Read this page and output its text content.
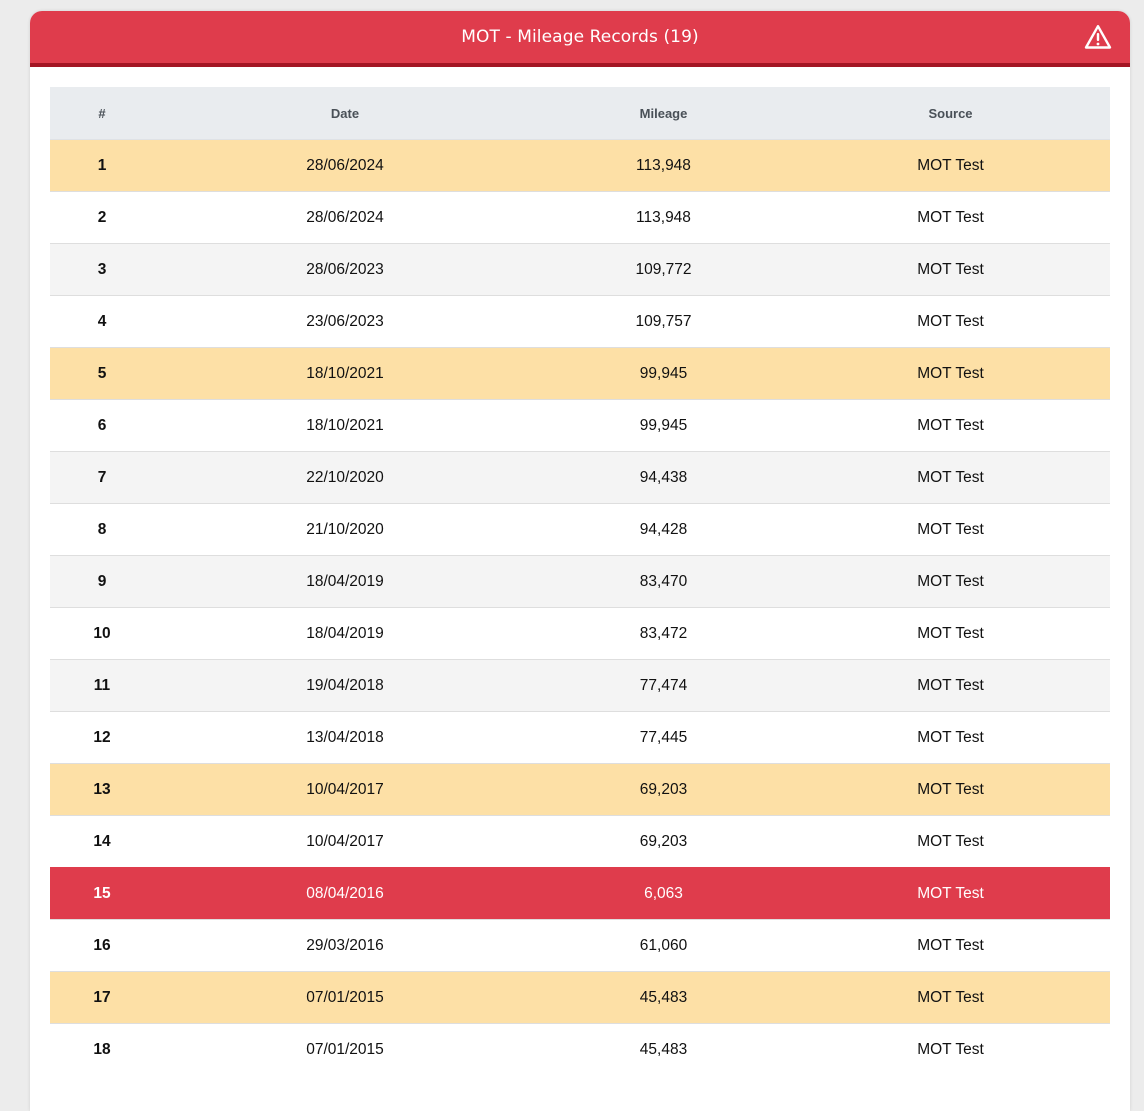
MOT - Mileage Records (19)
#	Date	Mileage	Source
1	28/06/2024	113,948	MOT Test
2	28/06/2024	113,948	MOT Test
3	28/06/2023	109,772	MOT Test
4	23/06/2023	109,757	MOT Test
5	18/10/2021	99,945	MOT Test
6	18/10/2021	99,945	MOT Test
7	22/10/2020	94,438	MOT Test
8	21/10/2020	94,428	MOT Test
9	18/04/2019	83,470	MOT Test
10	18/04/2019	83,472	MOT Test
11	19/04/2018	77,474	MOT Test
12	13/04/2018	77,445	MOT Test
13	10/04/2017	69,203	MOT Test
14	10/04/2017	69,203	MOT Test
15	08/04/2016	6,063	MOT Test
16	29/03/2016	61,060	MOT Test
17	07/01/2015	45,483	MOT Test
18	07/01/2015	45,483	MOT Test
